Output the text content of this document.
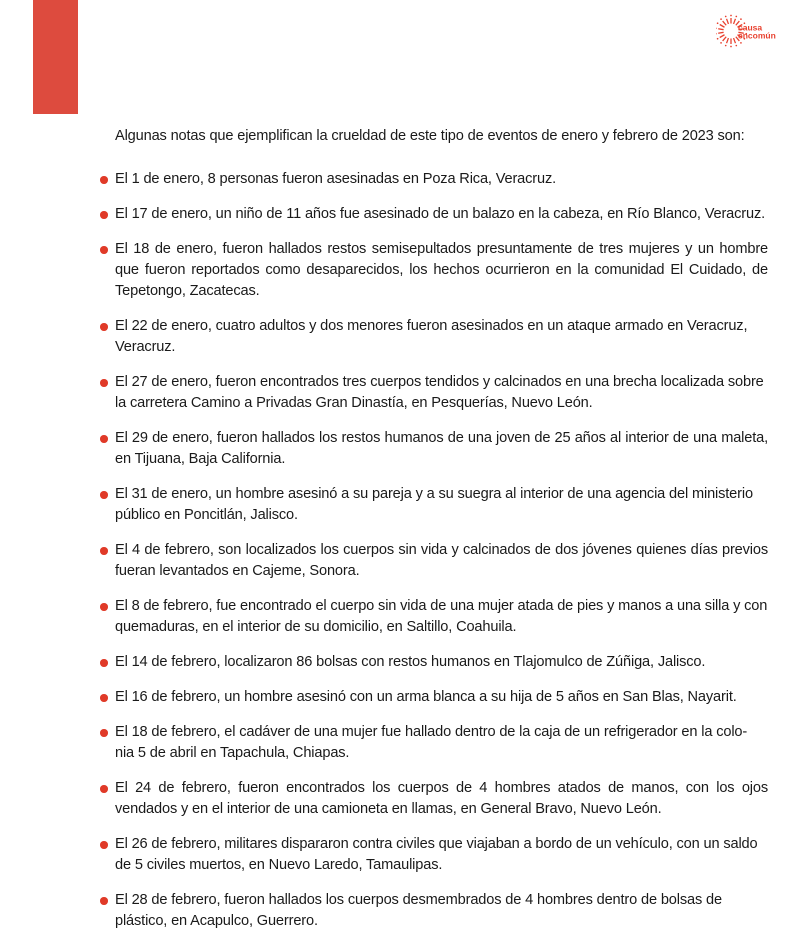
causa
encomún

Algunas notas que ejemplifican la crueldad de este tipo de eventos de enero y febrero de 2023 son:

El 1 de enero, 8 personas fueron asesinadas en Poza Rica, Veracruz.
El 17 de enero, un niño de 11 años fue asesinado de un balazo en la cabeza, en Río Blanco, Veracruz.
El 18 de enero, fueron hallados restos semisepultados presuntamente de tres mujeres y un hombre que fueron reportados como desaparecidos, los hechos ocurrieron en la comunidad El Cuidado, de Tepetongo, Zacatecas.
El 22 de enero, cuatro adultos y dos menores fueron asesinados en un ataque armado en Veracruz, Veracruz.
El 27 de enero, fueron encontrados tres cuerpos tendidos y calcinados en una brecha localizada sobre la carretera Camino a Privadas Gran Dinastía, en Pesquerías, Nuevo León.
El 29 de enero, fueron hallados los restos humanos de una joven de 25 años al interior de una maleta, en Tijuana, Baja California.
El 31 de enero, un hombre asesinó a su pareja y a su suegra al interior de una agencia del ministerio público en Poncitlán, Jalisco.
El 4 de febrero, son localizados los cuerpos sin vida y calcinados de dos jóvenes quienes días previos fueran levantados en Cajeme, Sonora.
El 8 de febrero, fue encontrado el cuerpo sin vida de una mujer atada de pies y manos a una silla y con quemaduras, en el interior de su domicilio, en Saltillo, Coahuila.
El 14 de febrero, localizaron 86 bolsas con restos humanos en Tlajomulco de Zúñiga, Jalisco.
El 16 de febrero, un hombre asesinó con un arma blanca a su hija de 5 años en San Blas, Nayarit.
El 18 de febrero, el cadáver de una mujer fue hallado dentro de la caja de un refrigerador en la colo- nia 5 de abril en Tapachula, Chiapas.
El 24 de febrero, fueron encontrados los cuerpos de 4 hombres atados de manos, con los ojos vendados y en el interior de una camioneta en llamas, en General Bravo, Nuevo León.
El 26 de febrero, militares dispararon contra civiles que viajaban a bordo de un vehículo, con un saldo de 5 civiles muertos, en Nuevo Laredo, Tamaulipas.
El 28 de febrero, fueron hallados los cuerpos desmembrados de 4 hombres dentro de bolsas de plástico, en Acapulco, Guerrero.
